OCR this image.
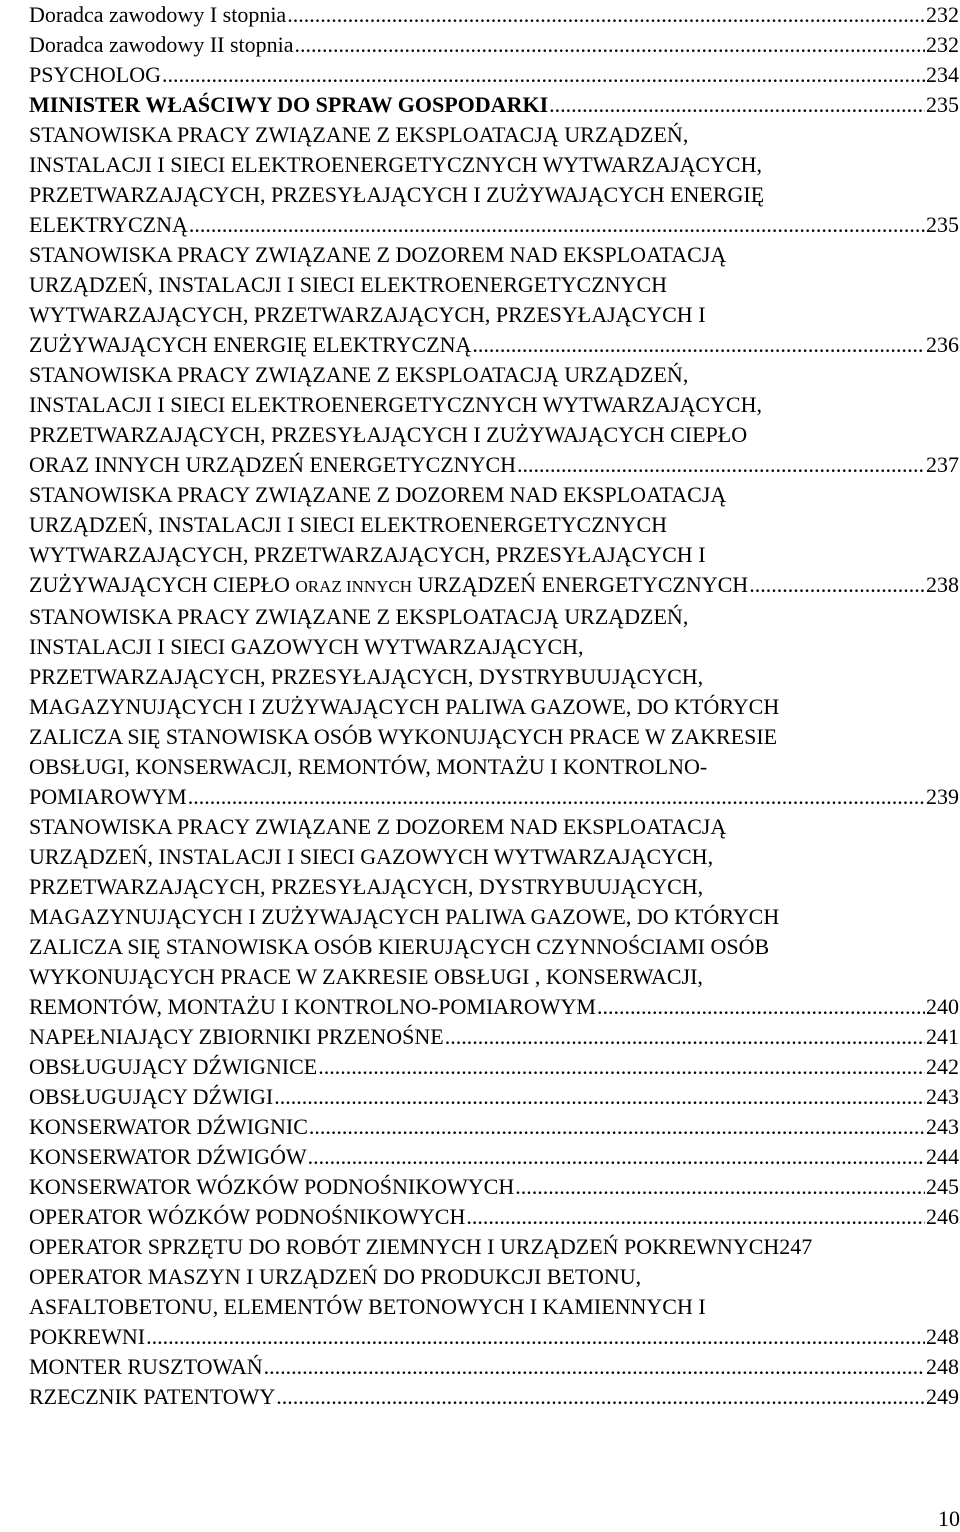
Doradca zawodowy I stopnia .....	232
Doradca zawodowy II stopnia .....	232
PSYCHOLOG .....	234
MINISTER WŁAŚCIWY DO SPRAW GOSPODARKI .....	235
STANOWISKA PRACY ZWIĄZANE Z EKSPLOATACJĄ URZĄDZEŃ,
INSTALACJI I SIECI ELEKTROENERGETYCZNYCH WYTWARZAJĄCYCH,
PRZETWARZAJĄCYCH, PRZESYŁAJĄCYCH I ZUŻYWAJĄCYCH ENERGIĘ
ELEKTRYCZNĄ .....	235
STANOWISKA PRACY ZWIĄZANE Z DOZOREM NAD EKSPLOATACJĄ
URZĄDZEŃ, INSTALACJI I SIECI ELEKTROENERGETYCZNYCH
WYTWARZAJĄCYCH, PRZETWARZAJĄCYCH, PRZESYŁAJĄCYCH I
ZUŻYWAJĄCYCH ENERGIĘ ELEKTRYCZNĄ .....	236
STANOWISKA PRACY ZWIĄZANE Z EKSPLOATACJĄ URZĄDZEŃ,
INSTALACJI I SIECI ELEKTROENERGETYCZNYCH WYTWARZAJĄCYCH,
PRZETWARZAJĄCYCH, PRZESYŁAJĄCYCH I ZUŻYWAJĄCYCH CIEPŁO
ORAZ INNYCH URZĄDZEŃ ENERGETYCZNYCH .....	237
STANOWISKA PRACY ZWIĄZANE Z DOZOREM NAD EKSPLOATACJĄ
URZĄDZEŃ, INSTALACJI I SIECI ELEKTROENERGETYCZNYCH
WYTWARZAJĄCYCH, PRZETWARZAJĄCYCH, PRZESYŁAJĄCYCH I
ZUŻYWAJĄCYCH CIEPŁO ORAZ INNYCH URZĄDZEŃ ENERGETYCZNYCH .....	238
STANOWISKA PRACY ZWIĄZANE Z EKSPLOATACJĄ URZĄDZEŃ,
INSTALACJI I SIECI GAZOWYCH WYTWARZAJĄCYCH,
PRZETWARZAJĄCYCH, PRZESYŁAJĄCYCH, DYSTRYBUUJĄCYCH,
MAGAZYNUJĄCYCH I ZUŻYWAJĄCYCH PALIWA GAZOWE, DO KTÓRYCH
ZALICZA SIĘ STANOWISKA OSÓB WYKONUJĄCYCH PRACE W ZAKRESIE
OBSŁUGI, KONSERWACJI, REMONTÓW, MONTAŻU I KONTROLNO-
POMIAROWYM .....	239
STANOWISKA PRACY ZWIĄZANE Z DOZOREM NAD EKSPLOATACJĄ
URZĄDZEŃ, INSTALACJI I SIECI GAZOWYCH WYTWARZAJĄCYCH,
PRZETWARZAJĄCYCH, PRZESYŁAJĄCYCH, DYSTRYBUUJĄCYCH,
MAGAZYNUJĄCYCH I ZUŻYWAJĄCYCH PALIWA GAZOWE, DO KTÓRYCH
ZALICZA SIĘ STANOWISKA OSÓB KIERUJĄCYCH CZYNNOŚCIAMI OSÓB
WYKONUJĄCYCH PRACE W ZAKRESIE OBSŁUGI , KONSERWACJI,
REMONTÓW, MONTAŻU I KONTROLNO-POMIAROWYM .....	240
NAPEŁNIAJĄCY ZBIORNIKI PRZENOŚNE .....	241
OBSŁUGUJĄCY DŹWIGNICE .....	242
OBSŁUGUJĄCY DŹWIGI .....	243
KONSERWATOR DŹWIGNIC .....	243
KONSERWATOR DŹWIGÓW .....	244
KONSERWATOR WÓZKÓW PODNOŚNIKOWYCH .....	245
OPERATOR WÓZKÓW PODNOŚNIKOWYCH .....	246
OPERATOR SPRZĘTU DO ROBÓT ZIEMNYCH I URZĄDZEŃ POKREWNYCH 247
OPERATOR MASZYN I URZĄDZEŃ DO PRODUKCJI BETONU,
ASFALTOBETONU, ELEMENTÓW BETONOWYCH I KAMIENNYCH I
POKREWNI .....	248
MONTER RUSZTOWAŃ .....	248
RZECZNIK PATENTOWY .....	249
10
